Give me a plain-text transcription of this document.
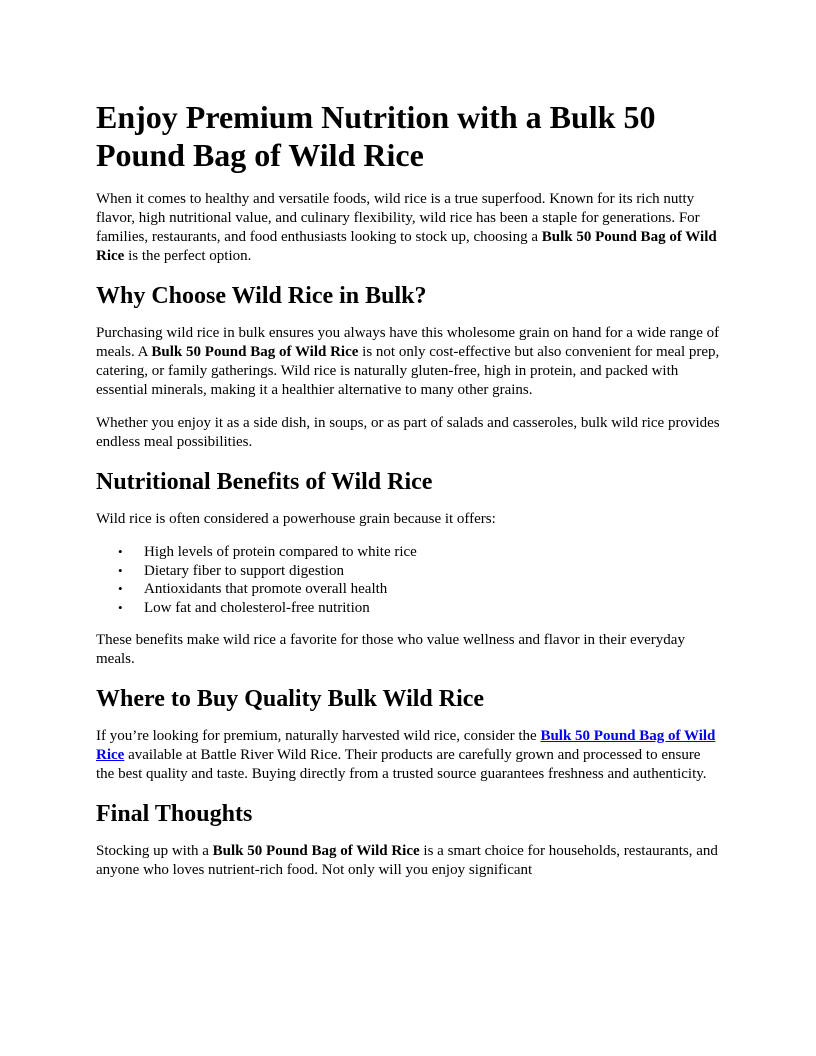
Enjoy Premium Nutrition with a Bulk 50 Pound Bag of Wild Rice

When it comes to healthy and versatile foods, wild rice is a true superfood. Known for its rich nutty flavor, high nutritional value, and culinary flexibility, wild rice has been a staple for generations. For families, restaurants, and food enthusiasts looking to stock up, choosing a Bulk 50 Pound Bag of Wild Rice is the perfect option.

Why Choose Wild Rice in Bulk?

Purchasing wild rice in bulk ensures you always have this wholesome grain on hand for a wide range of meals. A Bulk 50 Pound Bag of Wild Rice is not only cost-effective but also convenient for meal prep, catering, or family gatherings. Wild rice is naturally gluten-free, high in protein, and packed with essential minerals, making it a healthier alternative to many other grains.

Whether you enjoy it as a side dish, in soups, or as part of salads and casseroles, bulk wild rice provides endless meal possibilities.

Nutritional Benefits of Wild Rice

Wild rice is often considered a powerhouse grain because it offers:

• High levels of protein compared to white rice
• Dietary fiber to support digestion
• Antioxidants that promote overall health
• Low fat and cholesterol-free nutrition

These benefits make wild rice a favorite for those who value wellness and flavor in their everyday meals.

Where to Buy Quality Bulk Wild Rice

If you’re looking for premium, naturally harvested wild rice, consider the Bulk 50 Pound Bag of Wild Rice available at Battle River Wild Rice. Their products are carefully grown and processed to ensure the best quality and taste. Buying directly from a trusted source guarantees freshness and authenticity.

Final Thoughts

Stocking up with a Bulk 50 Pound Bag of Wild Rice is a smart choice for households, restaurants, and anyone who loves nutrient-rich food. Not only will you enjoy significant
